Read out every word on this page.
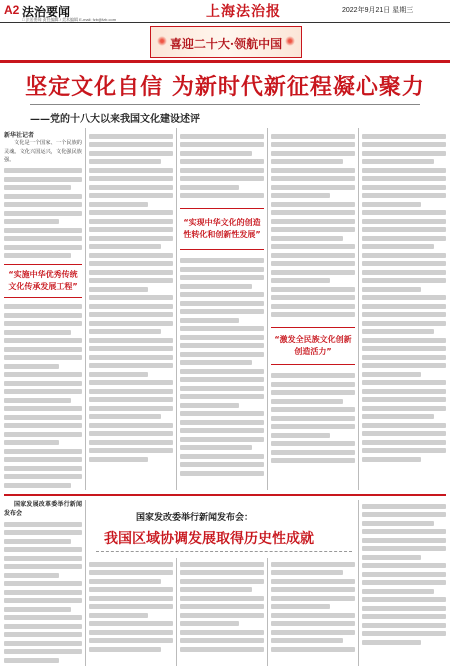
A2 法治要闻
□ 法治要闻 责任编辑 / 美术编辑 E-mail: fzb@fzb.com	上海法治报	2022年9月21日 星期三
喜迎二十大·领航中国
坚定文化自信 为新时代新征程凝心聚力
——党的十八大以来我国文化建设述评
新华社记者

文化是一个国家、一个民族的灵魂。文化兴国运兴，文化强民族强。

“实施中华优秀传统文化传承发展工程”
“实现中华文化的创造性转化和创新性发展”
“激发全民族文化创新创造活力”

国家发展改革委举行新闻发布会	国家发改委举行新闻发布会：
我国区域协调发展取得历史性成就
